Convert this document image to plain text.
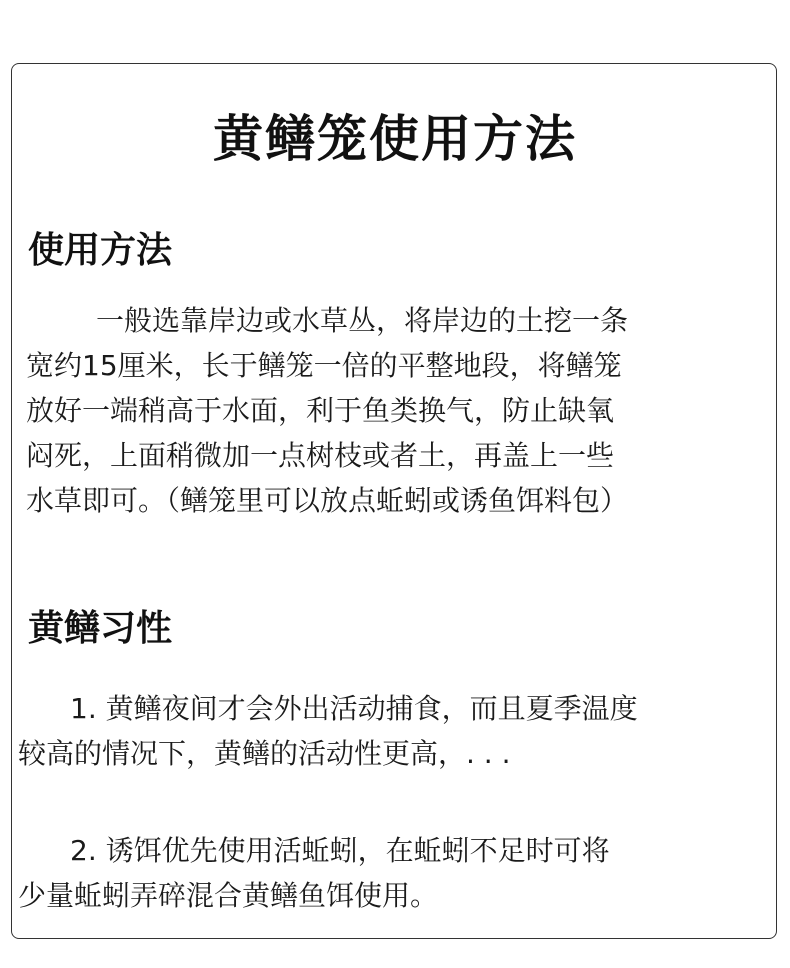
黄鳝笼使用方法
使用方法

一般选靠岸边或水草丛，将岸边的土挖一条
宽约15厘米，长于鳝笼一倍的平整地段，将鳝笼
放好一端稍高于水面，利于鱼类换气，防止缺氧
闷死，上面稍微加一点树枝或者土，再盖上一些
水草即可。（鳝笼里可以放点蚯蚓或诱鱼饵料包）

黄鳝习性

1. 黄鳝夜间才会外出活动捕食，而且夏季温度
较高的情况下，黄鳝的活动性更高，. . .

2. 诱饵优先使用活蚯蚓，在蚯蚓不足时可将
少量蚯蚓弄碎混合黄鳝鱼饵使用。
